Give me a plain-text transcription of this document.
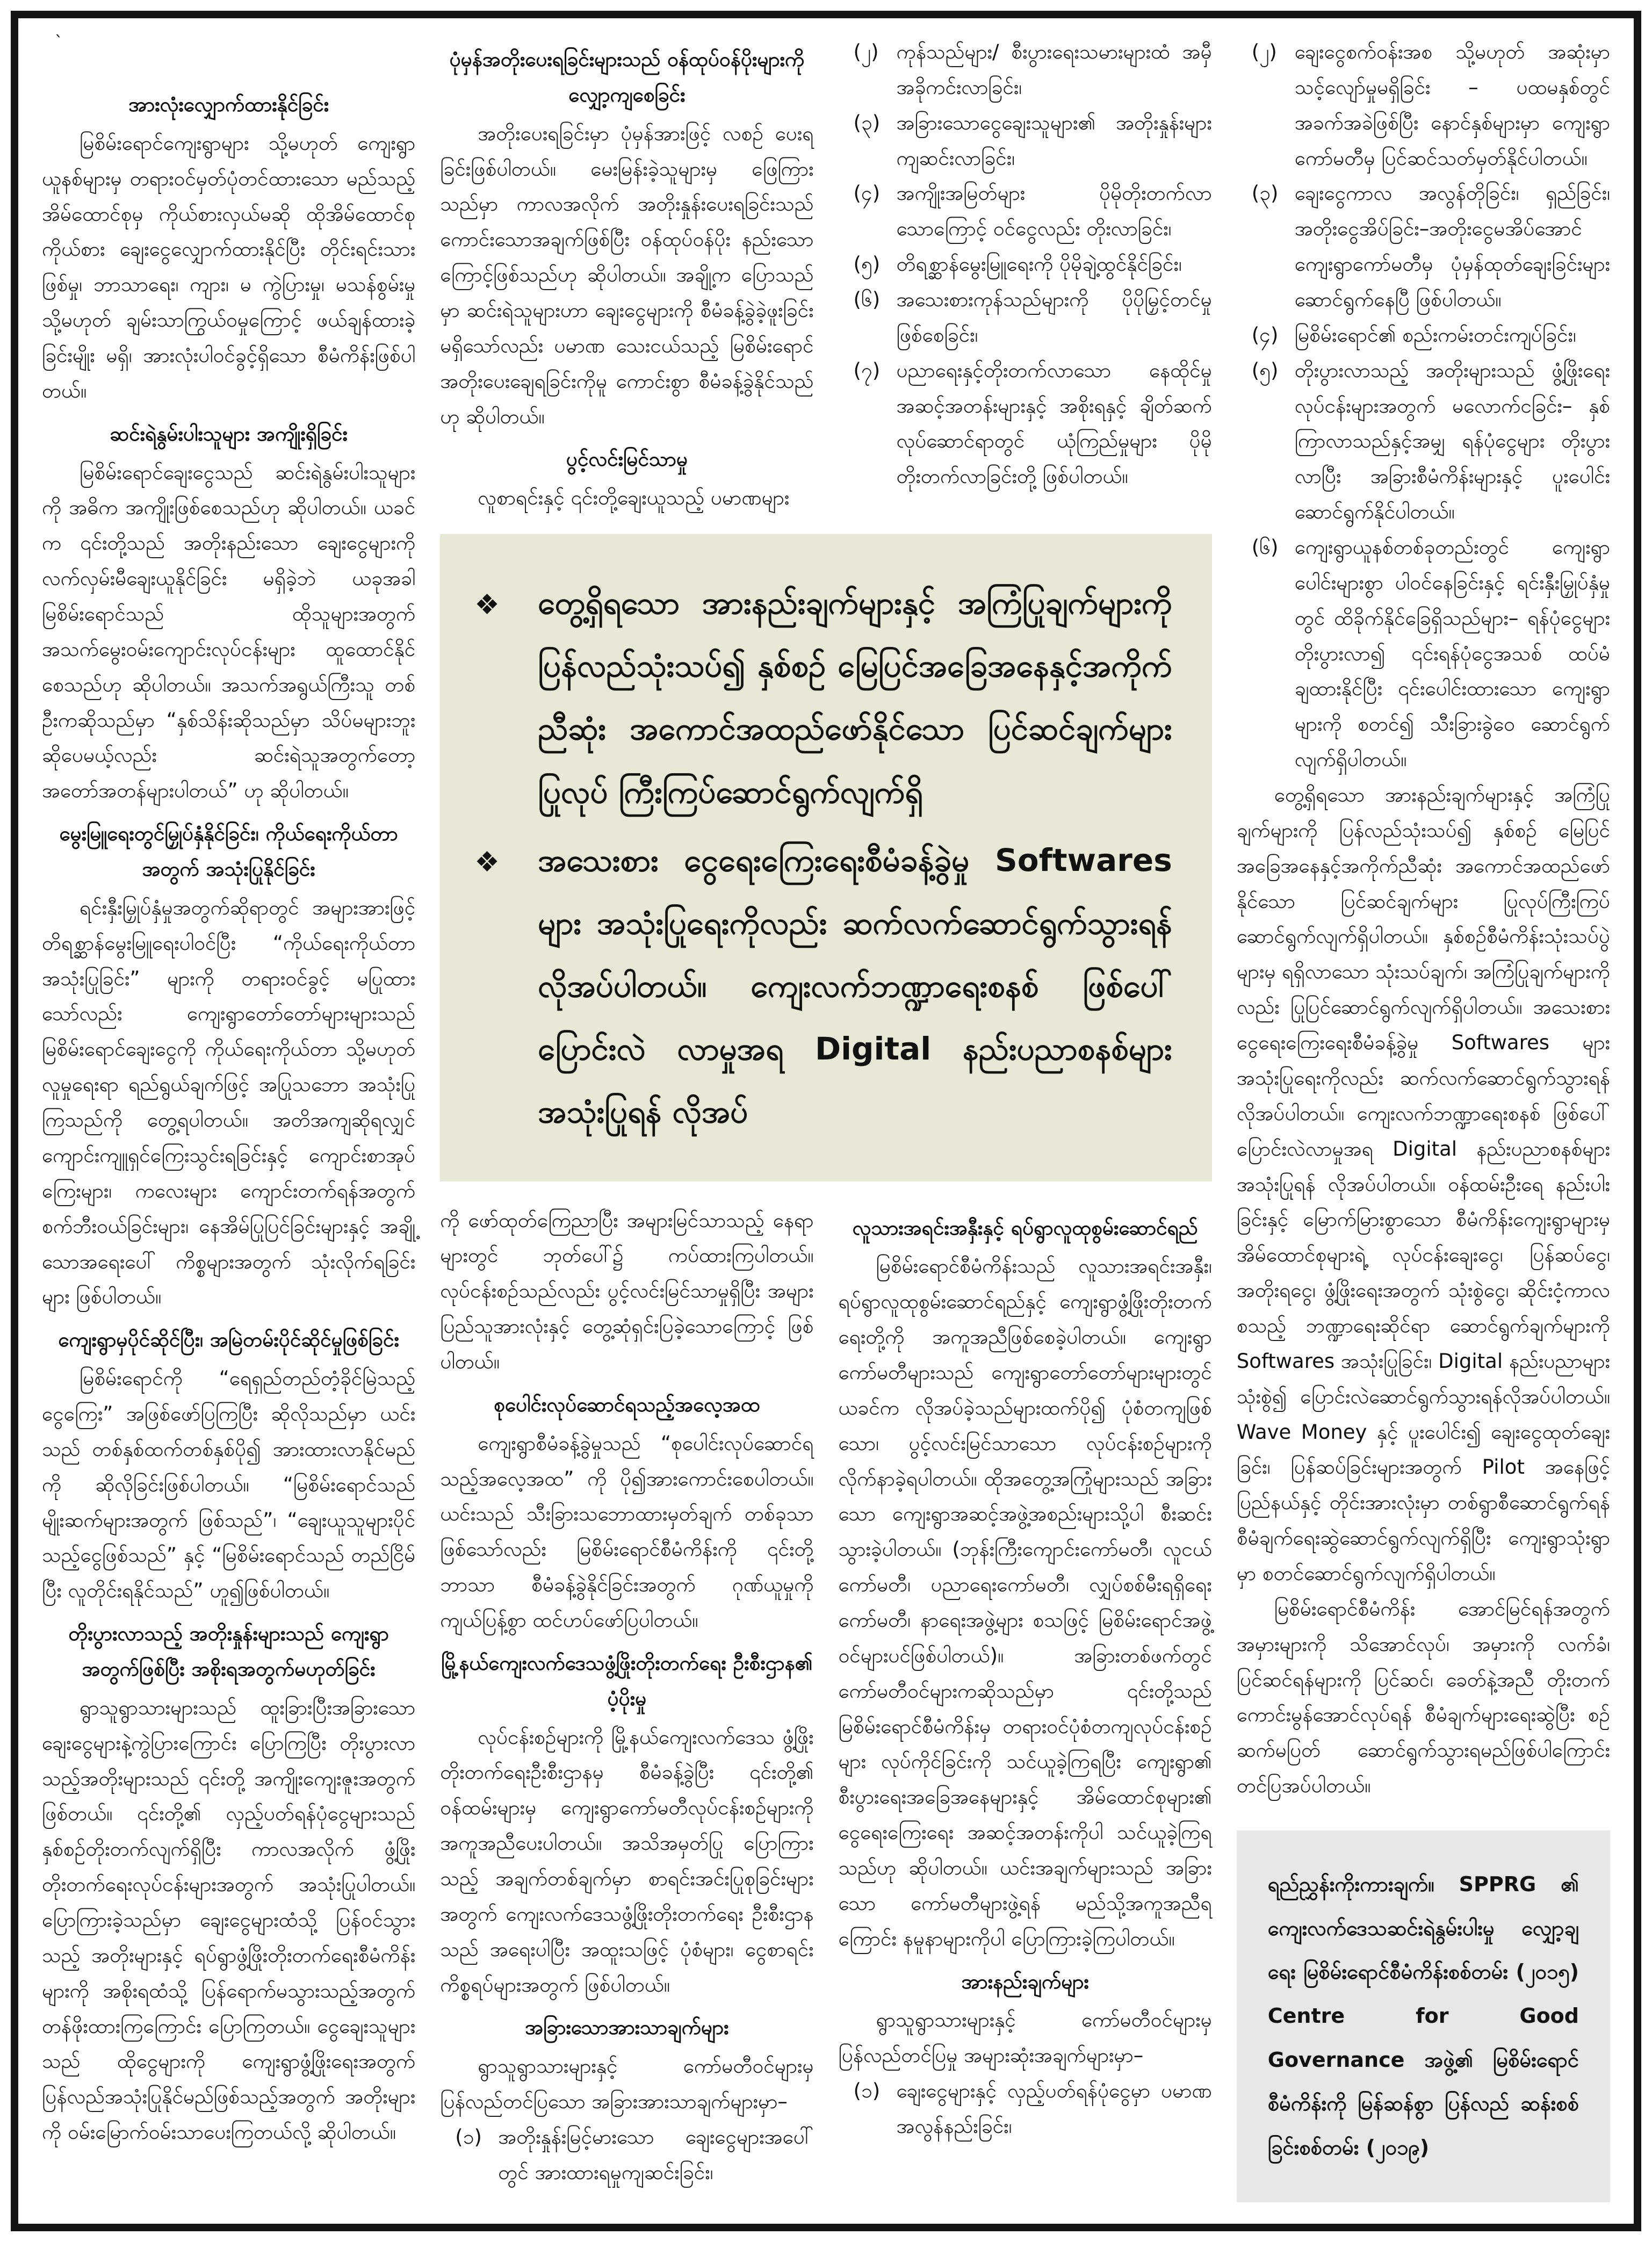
`
အားလုံးလျှောက်ထားနိုင်ခြင်း
မြစိမ်းရောင်ကျေးရွာများ သို့မဟုတ် ကျေးရွာယူနစ်များမှ တရားဝင်မှတ်ပုံတင်ထားသော မည်သည့်အိမ်ထောင်စုမှ ကိုယ်စားလှယ်မဆို ထိုအိမ်ထောင်စုကိုယ်စား ချေးငွေလျှောက်ထားနိုင်ပြီး တိုင်းရင်းသားဖြစ်မှု၊ ဘာသာရေး၊ ကျား၊ မ ကွဲပြားမှု၊ မသန်စွမ်းမှု သို့မဟုတ် ချမ်းသာကြွယ်ဝမှုကြောင့် ဖယ်ချန်ထားခဲ့ခြင်းမျိုး မရှိ၊ အားလုံးပါဝင်ခွင့်ရှိသော စီမံကိန်းဖြစ်ပါတယ်။
ဆင်းရဲနွမ်းပါးသူများ အကျိုးရှိခြင်း
မြစိမ်းရောင်ချေးငွေသည် ဆင်းရဲနွမ်းပါးသူများကို အဓိက အကျိုးဖြစ်စေသည်ဟု ဆိုပါတယ်။ ယခင်က ၎င်းတို့သည် အတိုးနည်းသော ချေးငွေများကို လက်လှမ်းမီချေးယူနိုင်ခြင်း မရှိခဲ့ဘဲ ယခုအခါမြစိမ်းရောင်သည် ထိုသူများအတွက် အသက်မွေးဝမ်းကျောင်းလုပ်ငန်းများ ထူထောင်နိုင်စေသည်ဟု ဆိုပါတယ်။ အသက်အရွယ်ကြီးသူ တစ်ဦးကဆိုသည်မှာ “နှစ်သိန်းဆိုသည်မှာ သိပ်မများဘူးဆိုပေမယ့်လည်း ဆင်းရဲသူအတွက်တော့ အတော်အတန်များပါတယ်” ဟု ဆိုပါတယ်။
မွေးမြူရေးတွင်မြှုပ်နှံနိုင်ခြင်း၊ ကိုယ်ရေးကိုယ်တာအတွက် အသုံးပြုနိုင်ခြင်း
ရင်းနှီးမြှုပ်နှံမှုအတွက်ဆိုရာတွင် အများအားဖြင့် တိရစ္ဆာန်မွေးမြူရေးပါဝင်ပြီး “ကိုယ်ရေးကိုယ်တာအသုံးပြုခြင်း” များကို တရားဝင်ခွင့် မပြုထားသော်လည်း ကျေးရွာတော်တော်များများသည် မြစိမ်းရောင်ချေးငွေကို ကိုယ်ရေးကိုယ်တာ သို့မဟုတ် လူမှုရေးရာ ရည်ရွယ်ချက်ဖြင့် အပြုသဘော အသုံးပြုကြသည်ကို တွေ့ရပါတယ်။ အတိအကျဆိုရလျှင် ကျောင်းကျူရှင်ကြေးသွင်းရခြင်းနှင့် ကျောင်းစာအုပ်ကြေးများ၊ ကလေးများ ကျောင်းတက်ရန်အတွက် စက်ဘီးဝယ်ခြင်းများ၊ နေအိမ်ပြုပြင်ခြင်းများနှင့် အချို့သောအရေးပေါ် ကိစ္စများအတွက် သုံးလိုက်ရခြင်းများ ဖြစ်ပါတယ်။
ကျေးရွာမှပိုင်ဆိုင်ပြီး၊ အမြဲတမ်းပိုင်ဆိုင်မှုဖြစ်ခြင်း
မြစိမ်းရောင်ကို “ရေရှည်တည်တံ့ခိုင်မြဲသည့် ငွေကြေး” အဖြစ်ဖော်ပြကြပြီး ဆိုလိုသည်မှာ ယင်းသည် တစ်နှစ်ထက်တစ်နှစ်ပို၍ အားထားလာနိုင်မည်ကို ဆိုလိုခြင်းဖြစ်ပါတယ်။ “မြစိမ်းရောင်သည် မျိုးဆက်များအတွက် ဖြစ်သည်”၊ “ချေးယူသူများပိုင်သည့်ငွေဖြစ်သည်” နှင့် “မြစိမ်းရောင်သည် တည်ငြိမ်ပြီး လူတိုင်းရနိုင်သည်” ဟူ၍ဖြစ်ပါတယ်။
တိုးပွားလာသည့် အတိုးနှုန်းများသည် ကျေးရွာအတွက်ဖြစ်ပြီး အစိုးရအတွက်မဟုတ်ခြင်း
ရွာသူရွာသားများသည် ထူးခြားပြီးအခြားသော ချေးငွေများနဲ့ကွဲပြားကြောင်း ပြောကြပြီး တိုးပွားလာသည့်အတိုးများသည် ၎င်းတို့ အကျိုးကျေးဇူးအတွက် ဖြစ်တယ်။ ၎င်းတို့၏ လှည့်ပတ်ရန်ပုံငွေများသည် နှစ်စဉ်တိုးတက်လျက်ရှိပြီး ကာလအလိုက် ဖွံ့ဖြိုးတိုးတက်ရေးလုပ်ငန်းများအတွက် အသုံးပြုပါတယ်။ ပြောကြားခဲ့သည်မှာ ချေးငွေများထံသို့ ပြန်ဝင်သွားသည့် အတိုးများနှင့် ရပ်ရွာဖွံ့ဖြိုးတိုးတက်ရေးစီမံကိန်းများကို အစိုးရထံသို့ ပြန်ရောက်မသွားသည့်အတွက် တန်ဖိုးထားကြကြောင်း ပြောကြတယ်။ ငွေချေးသူများသည် ထိုငွေများကို ကျေးရွာဖွံ့ဖြိုးရေးအတွက် ပြန်လည်အသုံးပြုနိုင်မည်ဖြစ်သည့်အတွက် အတိုးများကို ဝမ်းမြောက်ဝမ်းသာပေးကြတယ်လို့ ဆိုပါတယ်။
ပုံမှန်အတိုးပေးရခြင်းများသည် ဝန်ထုပ်ဝန်ပိုးများကို လျှော့ကျစေခြင်း
အတိုးပေးရခြင်းမှာ ပုံမှန်အားဖြင့် လစဉ် ပေးရခြင်းဖြစ်ပါတယ်။ မေးမြန်းခဲ့သူများမှ ဖြေကြားသည်မှာ ကာလအလိုက် အတိုးနှုန်းပေးရခြင်းသည် ကောင်းသောအချက်ဖြစ်ပြီး ဝန်ထုပ်ဝန်ပိုး နည်းသောကြောင့်ဖြစ်သည်ဟု ဆိုပါတယ်။ အချို့က ပြောသည်မှာ ဆင်းရဲသူများဟာ ချေးငွေများကို စီမံခန့်ခွဲခဲ့ဖူးခြင်းမရှိသော်လည်း ပမာဏ သေးငယ်သည့် မြစိမ်းရောင် အတိုးပေးချေရခြင်းကိုမူ ကောင်းစွာ စီမံခန့်ခွဲနိုင်သည်ဟု ဆိုပါတယ်။
ပွင့်လင်းမြင်သာမှု
လူစာရင်းနှင့် ၎င်းတို့ချေးယူသည့် ပမာဏများ
(၂) ကုန်သည်များ/ စီးပွားရေးသမားများထံ အမှီအခိုကင်းလာခြင်း၊
(၃) အခြားသောငွေချေးသူများ၏ အတိုးနှုန်းများကျဆင်းလာခြင်း၊
(၄) အကျိုးအမြတ်များ ပိုမိုတိုးတက်လာသောကြောင့် ဝင်ငွေလည်း တိုးလာခြင်း၊
(၅) တိရစ္ဆာန်မွေးမြူရေးကို ပိုမိုချဲ့ထွင်နိုင်ခြင်း၊
(၆) အသေးစားကုန်သည်များကို ပိုပိုမြှင့်တင်မှု ဖြစ်စေခြင်း၊
(၇) ပညာရေးနှင့်တိုးတက်လာသော နေထိုင်မှုအဆင့်အတန်းများနှင့် အစိုးရနှင့် ချိတ်ဆက်လုပ်ဆောင်ရာတွင် ယုံကြည်မှုများ ပိုမိုတိုးတက်လာခြင်းတို့ ဖြစ်ပါတယ်။
❖	တွေ့ရှိရသော အားနည်းချက်များနှင့် အကြံပြုချက်များကို ပြန်လည်သုံးသပ်၍ နှစ်စဉ် မြေပြင်အခြေအနေနှင့်အကိုက်ညီဆုံး အကောင်အထည်ဖော်နိုင်သော ပြင်ဆင်ချက်များ ပြုလုပ် ကြီးကြပ်ဆောင်ရွက်လျက်ရှိ
❖	အသေးစား ငွေရေးကြေးရေးစီမံခန့်ခွဲမှု Softwares များ အသုံးပြုရေးကိုလည်း ဆက်လက်ဆောင်ရွက်သွားရန် လိုအပ်ပါတယ်။ ကျေးလက်ဘဏ္ဍာရေးစနစ် ဖြစ်ပေါ်ပြောင်းလဲ လာမှုအရ Digital နည်းပညာစနစ်များ အသုံးပြုရန် လိုအပ်
ကို ဖော်ထုတ်ကြေညာပြီး အများမြင်သာသည့် နေရာများတွင် ဘုတ်ပေါ်၌ ကပ်ထားကြပါတယ်။ လုပ်ငန်းစဉ်သည်လည်း ပွင့်လင်းမြင်သာမှုရှိပြီး အများပြည်သူအားလုံးနှင့် တွေ့ဆုံရှင်းပြခဲ့သောကြောင့် ဖြစ်ပါတယ်။
စုပေါင်းလုပ်ဆောင်ရသည့်အလေ့အထ
ကျေးရွာစီမံခန့်ခွဲမှုသည် “စုပေါင်းလုပ်ဆောင်ရသည့်အလေ့အထ” ကို ပို၍အားကောင်းစေပါတယ်။ ယင်းသည် သီးခြားသဘောထားမှတ်ချက် တစ်ခုသာ ဖြစ်သော်လည်း မြစိမ်းရောင်စီမံကိန်းကို ၎င်းတို့ဘာသာ စီမံခန့်ခွဲနိုင်ခြင်းအတွက် ဂုဏ်ယူမှုကို ကျယ်ပြန့်စွာ ထင်ဟပ်ဖော်ပြပါတယ်။
မြို့နယ်ကျေးလက်ဒေသဖွံ့ဖြိုးတိုးတက်ရေး ဦးစီးဌာန၏ ပံ့ပိုးမှု
လုပ်ငန်းစဉ်များကို မြို့နယ်ကျေးလက်ဒေသ ဖွံ့ဖြိုးတိုးတက်ရေးဦးစီးဌာနမှ စီမံခန့်ခွဲပြီး ၎င်းတို့၏ ဝန်ထမ်းများမှ ကျေးရွာကော်မတီလုပ်ငန်းစဉ်များကို အကူအညီပေးပါတယ်။ အသိအမှတ်ပြု ပြောကြားသည့် အချက်တစ်ချက်မှာ စာရင်းအင်းပြုစုခြင်းများအတွက် ကျေးလက်ဒေသဖွံ့ဖြိုးတိုးတက်ရေး ဦးစီးဌာနသည် အရေးပါပြီး အထူးသဖြင့် ပုံစံများ၊ ငွေစာရင်းကိစ္စရပ်များအတွက် ဖြစ်ပါတယ်။
အခြားသောအားသာချက်များ
ရွာသူရွာသားများနှင့် ကော်မတီဝင်များမှ ပြန်လည်တင်ပြသော အခြားအားသာချက်များမှာ–
(၁) အတိုးနှုန်းမြင့်မားသော ချေးငွေများအပေါ်တွင် အားထားရမှုကျဆင်းခြင်း၊
လူသားအရင်းအနှီးနှင့် ရပ်ရွာလူထုစွမ်းဆောင်ရည်
မြစိမ်းရောင်စီမံကိန်းသည် လူသားအရင်းအနှီး၊ ရပ်ရွာလူထုစွမ်းဆောင်ရည်နှင့် ကျေးရွာဖွံ့ဖြိုးတိုးတက်ရေးတို့ကို အကူအညီဖြစ်စေခဲ့ပါတယ်။ ကျေးရွာကော်မတီများသည် ကျေးရွာတော်တော်များများတွင် ယခင်က လိုအပ်ခဲ့သည်များထက်ပို၍ ပုံစံတကျဖြစ်သော၊ ပွင့်လင်းမြင်သာသော လုပ်ငန်းစဉ်များကို လိုက်နာခဲ့ရပါတယ်။ ထိုအတွေ့အကြုံများသည် အခြားသော ကျေးရွာအဆင့်အဖွဲ့အစည်းများသို့ပါ စီးဆင်းသွားခဲ့ပါတယ်။ (ဘုန်းကြီးကျောင်းကော်မတီ၊ လူငယ်ကော်မတီ၊ ပညာရေးကော်မတီ၊ လျှပ်စစ်မီးရရှိရေးကော်မတီ၊ နာရေးအဖွဲ့များ စသဖြင့် မြစိမ်းရောင်အဖွဲ့ဝင်များပင်ဖြစ်ပါတယ်)။ အခြားတစ်ဖက်တွင် ကော်မတီဝင်များကဆိုသည်မှာ ၎င်းတို့သည် မြစိမ်းရောင်စီမံကိန်းမှ တရားဝင်ပုံစံတကျလုပ်ငန်းစဉ်များ လုပ်ကိုင်ခြင်းကို သင်ယူခဲ့ကြရပြီး ကျေးရွာ၏ စီးပွားရေးအခြေအနေများနှင့် အိမ်ထောင်စုများ၏ ငွေရေးကြေးရေး အဆင့်အတန်းကိုပါ သင်ယူခဲ့ကြရသည်ဟု ဆိုပါတယ်။ ယင်းအချက်များသည် အခြားသော ကော်မတီများဖွဲ့ရန် မည်သို့အကူအညီရကြောင်း နမူနာများကိုပါ ပြောကြားခဲ့ကြပါတယ်။
အားနည်းချက်များ
ရွာသူရွာသားများနှင့် ကော်မတီဝင်များမှ ပြန်လည်တင်ပြမှု အများဆုံးအချက်များမှာ–
(၁) ချေးငွေများနှင့် လှည့်ပတ်ရန်ပုံငွေမှာ ပမာဏအလွန်နည်းခြင်း၊
(၂) ချေးငွေစက်ဝန်းအစ သို့မဟုတ် အဆုံးမှာ သင့်လျော်မှုမရှိခြင်း – ပထမနှစ်တွင် အခက်အခဲဖြစ်ပြီး နောင်နှစ်များမှာ ကျေးရွာကော်မတီမှ ပြင်ဆင်သတ်မှတ်နိုင်ပါတယ်။
(၃) ချေးငွေကာလ အလွန်တိုခြင်း၊ ရှည်ခြင်း၊ အတိုးငွေအိပ်ခြင်း–အတိုးငွေမအိပ်အောင် ကျေးရွာကော်မတီမှ ပုံမှန်ထုတ်ချေးခြင်းများ ဆောင်ရွက်နေပြီ ဖြစ်ပါတယ်။
(၄) မြစိမ်းရောင်၏ စည်းကမ်းတင်းကျပ်ခြင်း၊
(၅) တိုးပွားလာသည့် အတိုးများသည် ဖွံ့ဖြိုးရေးလုပ်ငန်းများအတွက် မလောက်ငခြင်း– နှစ်ကြာလာသည်နှင့်အမျှ ရန်ပုံငွေများ တိုးပွားလာပြီး အခြားစီမံကိန်းများနှင့် ပူးပေါင်းဆောင်ရွက်နိုင်ပါတယ်။
(၆) ကျေးရွာယူနစ်တစ်ခုတည်းတွင် ကျေးရွာပေါင်းများစွာ ပါဝင်နေခြင်းနှင့် ရင်းနှီးမြှုပ်နှံမှုတွင် ထိခိုက်နိုင်ခြေရှိသည်များ– ရန်ပုံငွေများ တိုးပွားလာ၍ ၎င်းရန်ပုံငွေအသစ် ထပ်မံချထားနိုင်ပြီး ၎င်းပေါင်းထားသော ကျေးရွာများကို စတင်၍ သီးခြားခွဲဝေ ဆောင်ရွက်လျက်ရှိပါတယ်။
တွေ့ရှိရသော အားနည်းချက်များနှင့် အကြံပြုချက်များကို ပြန်လည်သုံးသပ်၍ နှစ်စဉ် မြေပြင်အခြေအနေနှင့်အကိုက်ညီဆုံး အကောင်အထည်ဖော်နိုင်သော ပြင်ဆင်ချက်များ ပြုလုပ်ကြီးကြပ်ဆောင်ရွက်လျက်ရှိပါတယ်။ နှစ်စဉ်စီမံကိန်းသုံးသပ်ပွဲများမှ ရရှိလာသော သုံးသပ်ချက်၊ အကြံပြုချက်များကိုလည်း ပြုပြင်ဆောင်ရွက်လျက်ရှိပါတယ်။ အသေးစား ငွေရေးကြေးရေးစီမံခန့်ခွဲမှု Softwares များအသုံးပြုရေးကိုလည်း ဆက်လက်ဆောင်ရွက်သွားရန် လိုအပ်ပါတယ်။ ကျေးလက်ဘဏ္ဍာရေးစနစ် ဖြစ်ပေါ်ပြောင်းလဲလာမှုအရ Digital နည်းပညာစနစ်များ အသုံးပြုရန် လိုအပ်ပါတယ်။ ဝန်ထမ်းဦးရေ နည်းပါးခြင်းနှင့် မြောက်မြားစွာသော စီမံကိန်းကျေးရွာများမှ အိမ်ထောင်စုများရဲ့ လုပ်ငန်းချေးငွေ၊ ပြန်ဆပ်ငွေ၊ အတိုးရငွေ၊ ဖွံ့ဖြိုးရေးအတွက် သုံးစွဲငွေ၊ ဆိုင်းငံ့ကာလ စသည့် ဘဏ္ဍာရေးဆိုင်ရာ ဆောင်ရွက်ချက်များကို Softwares အသုံးပြုခြင်း၊ Digital နည်းပညာများသုံးစွဲ၍ ပြောင်းလဲဆောင်ရွက်သွားရန်လိုအပ်ပါတယ်။ Wave Money နှင့် ပူးပေါင်း၍ ချေးငွေထုတ်ချေးခြင်း၊ ပြန်ဆပ်ခြင်းများအတွက် Pilot အနေဖြင့် ပြည်နယ်နှင့် တိုင်းအားလုံးမှာ တစ်ရွာစီဆောင်ရွက်ရန် စီမံချက်ရေးဆွဲဆောင်ရွက်လျက်ရှိပြီး ကျေးရွာသုံးရွာမှာ စတင်ဆောင်ရွက်လျက်ရှိပါတယ်။
မြစိမ်းရောင်စီမံကိန်း အောင်မြင်ရန်အတွက် အမှားများကို သိအောင်လုပ်၊ အမှားကို လက်ခံ၊ ပြင်ဆင်ရန်များကို ပြင်ဆင်၊ ခေတ်နဲ့အညီ တိုးတက်ကောင်းမွန်အောင်လုပ်ရန် စီမံချက်များရေးဆွဲပြီး စဉ်ဆက်မပြတ် ဆောင်ရွက်သွားရမည်ဖြစ်ပါကြောင်း တင်ပြအပ်ပါတယ်။
ရည်ညွှန်းကိုးကားချက်။ SPPRG ၏ ကျေးလက်ဒေသဆင်းရဲနွမ်းပါးမှု လျှော့ချရေး မြစိမ်းရောင်စီမံကိန်းစစ်တမ်း (၂၀၁၅) Centre for Good Governance အဖွဲ့၏ မြစိမ်းရောင်စီမံကိန်းကို မြန်ဆန်စွာ ပြန်လည် ဆန်းစစ်ခြင်းစစ်တမ်း (၂၀၁၉)
